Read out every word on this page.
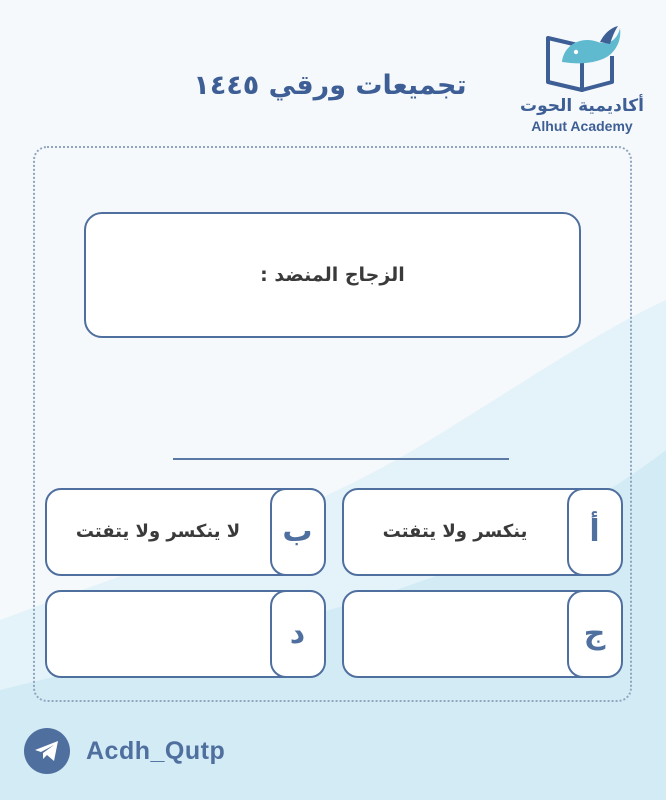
تجميعات ورقي ١٤٤٥
أكاديمية الحوت
Alhut Academy
الزجاج المنضد :
أ
ينكسر ولا يتفتت
ب
لا ينكسر ولا يتفتت
ج
د
Acdh_Qutp
